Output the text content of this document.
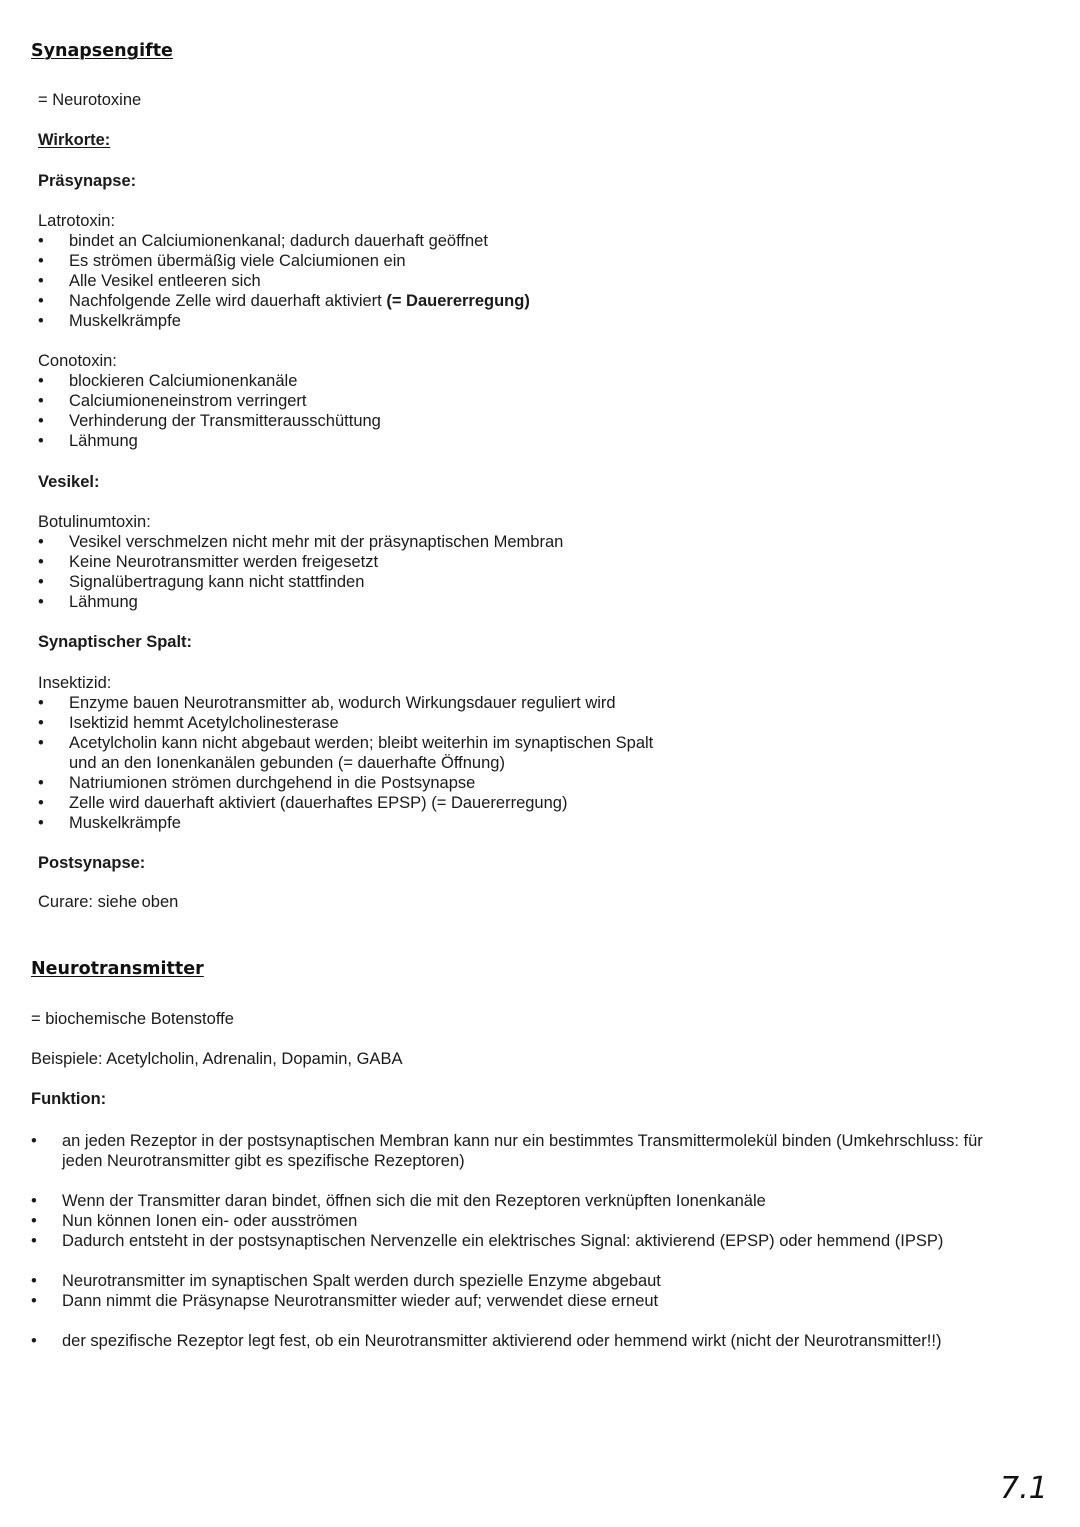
Synapsengifte
= Neurotoxine
Wirkorte:
Präsynapse:
Latrotoxin:
• bindet an Calciumionenkanal; dadurch dauerhaft geöffnet
• Es strömen übermäßig viele Calciumionen ein
• Alle Vesikel entleeren sich
• Nachfolgende Zelle wird dauerhaft aktiviert (= Dauererregung)
• Muskelkrämpfe
Conotoxin:
• blockieren Calciumionenkanäle
• Calciumioneneinstrom verringert
• Verhinderung der Transmitterausschüttung
• Lähmung
Vesikel:
Botulinumtoxin:
• Vesikel verschmelzen nicht mehr mit der präsynaptischen Membran
• Keine Neurotransmitter werden freigesetzt
• Signalübertragung kann nicht stattfinden
• Lähmung
Synaptischer Spalt:
Insektizid:
• Enzyme bauen Neurotransmitter ab, wodurch Wirkungsdauer reguliert wird
• Isektizid hemmt Acetylcholinesterase
• Acetylcholin kann nicht abgebaut werden; bleibt weiterhin im synaptischen Spalt
und an den Ionenkanälen gebunden (= dauerhafte Öffnung)
• Natriumionen strömen durchgehend in die Postsynapse
• Zelle wird dauerhaft aktiviert (dauerhaftes EPSP) (= Dauererregung)
• Muskelkrämpfe
Postsynapse:
Curare: siehe oben
Neurotransmitter
= biochemische Botenstoffe
Beispiele: Acetylcholin, Adrenalin, Dopamin, GABA
Funktion:
• an jeden Rezeptor in der postsynaptischen Membran kann nur ein bestimmtes Transmittermolekül binden (Umkehrschluss: für
jeden Neurotransmitter gibt es spezifische Rezeptoren)
• Wenn der Transmitter daran bindet, öffnen sich die mit den Rezeptoren verknüpften Ionenkanäle
• Nun können Ionen ein- oder ausströmen
• Dadurch entsteht in der postsynaptischen Nervenzelle ein elektrisches Signal: aktivierend (EPSP) oder hemmend (IPSP)
• Neurotransmitter im synaptischen Spalt werden durch spezielle Enzyme abgebaut
• Dann nimmt die Präsynapse Neurotransmitter wieder auf; verwendet diese erneut
• der spezifische Rezeptor legt fest, ob ein Neurotransmitter aktivierend oder hemmend wirkt (nicht der Neurotransmitter!!)
7.1
